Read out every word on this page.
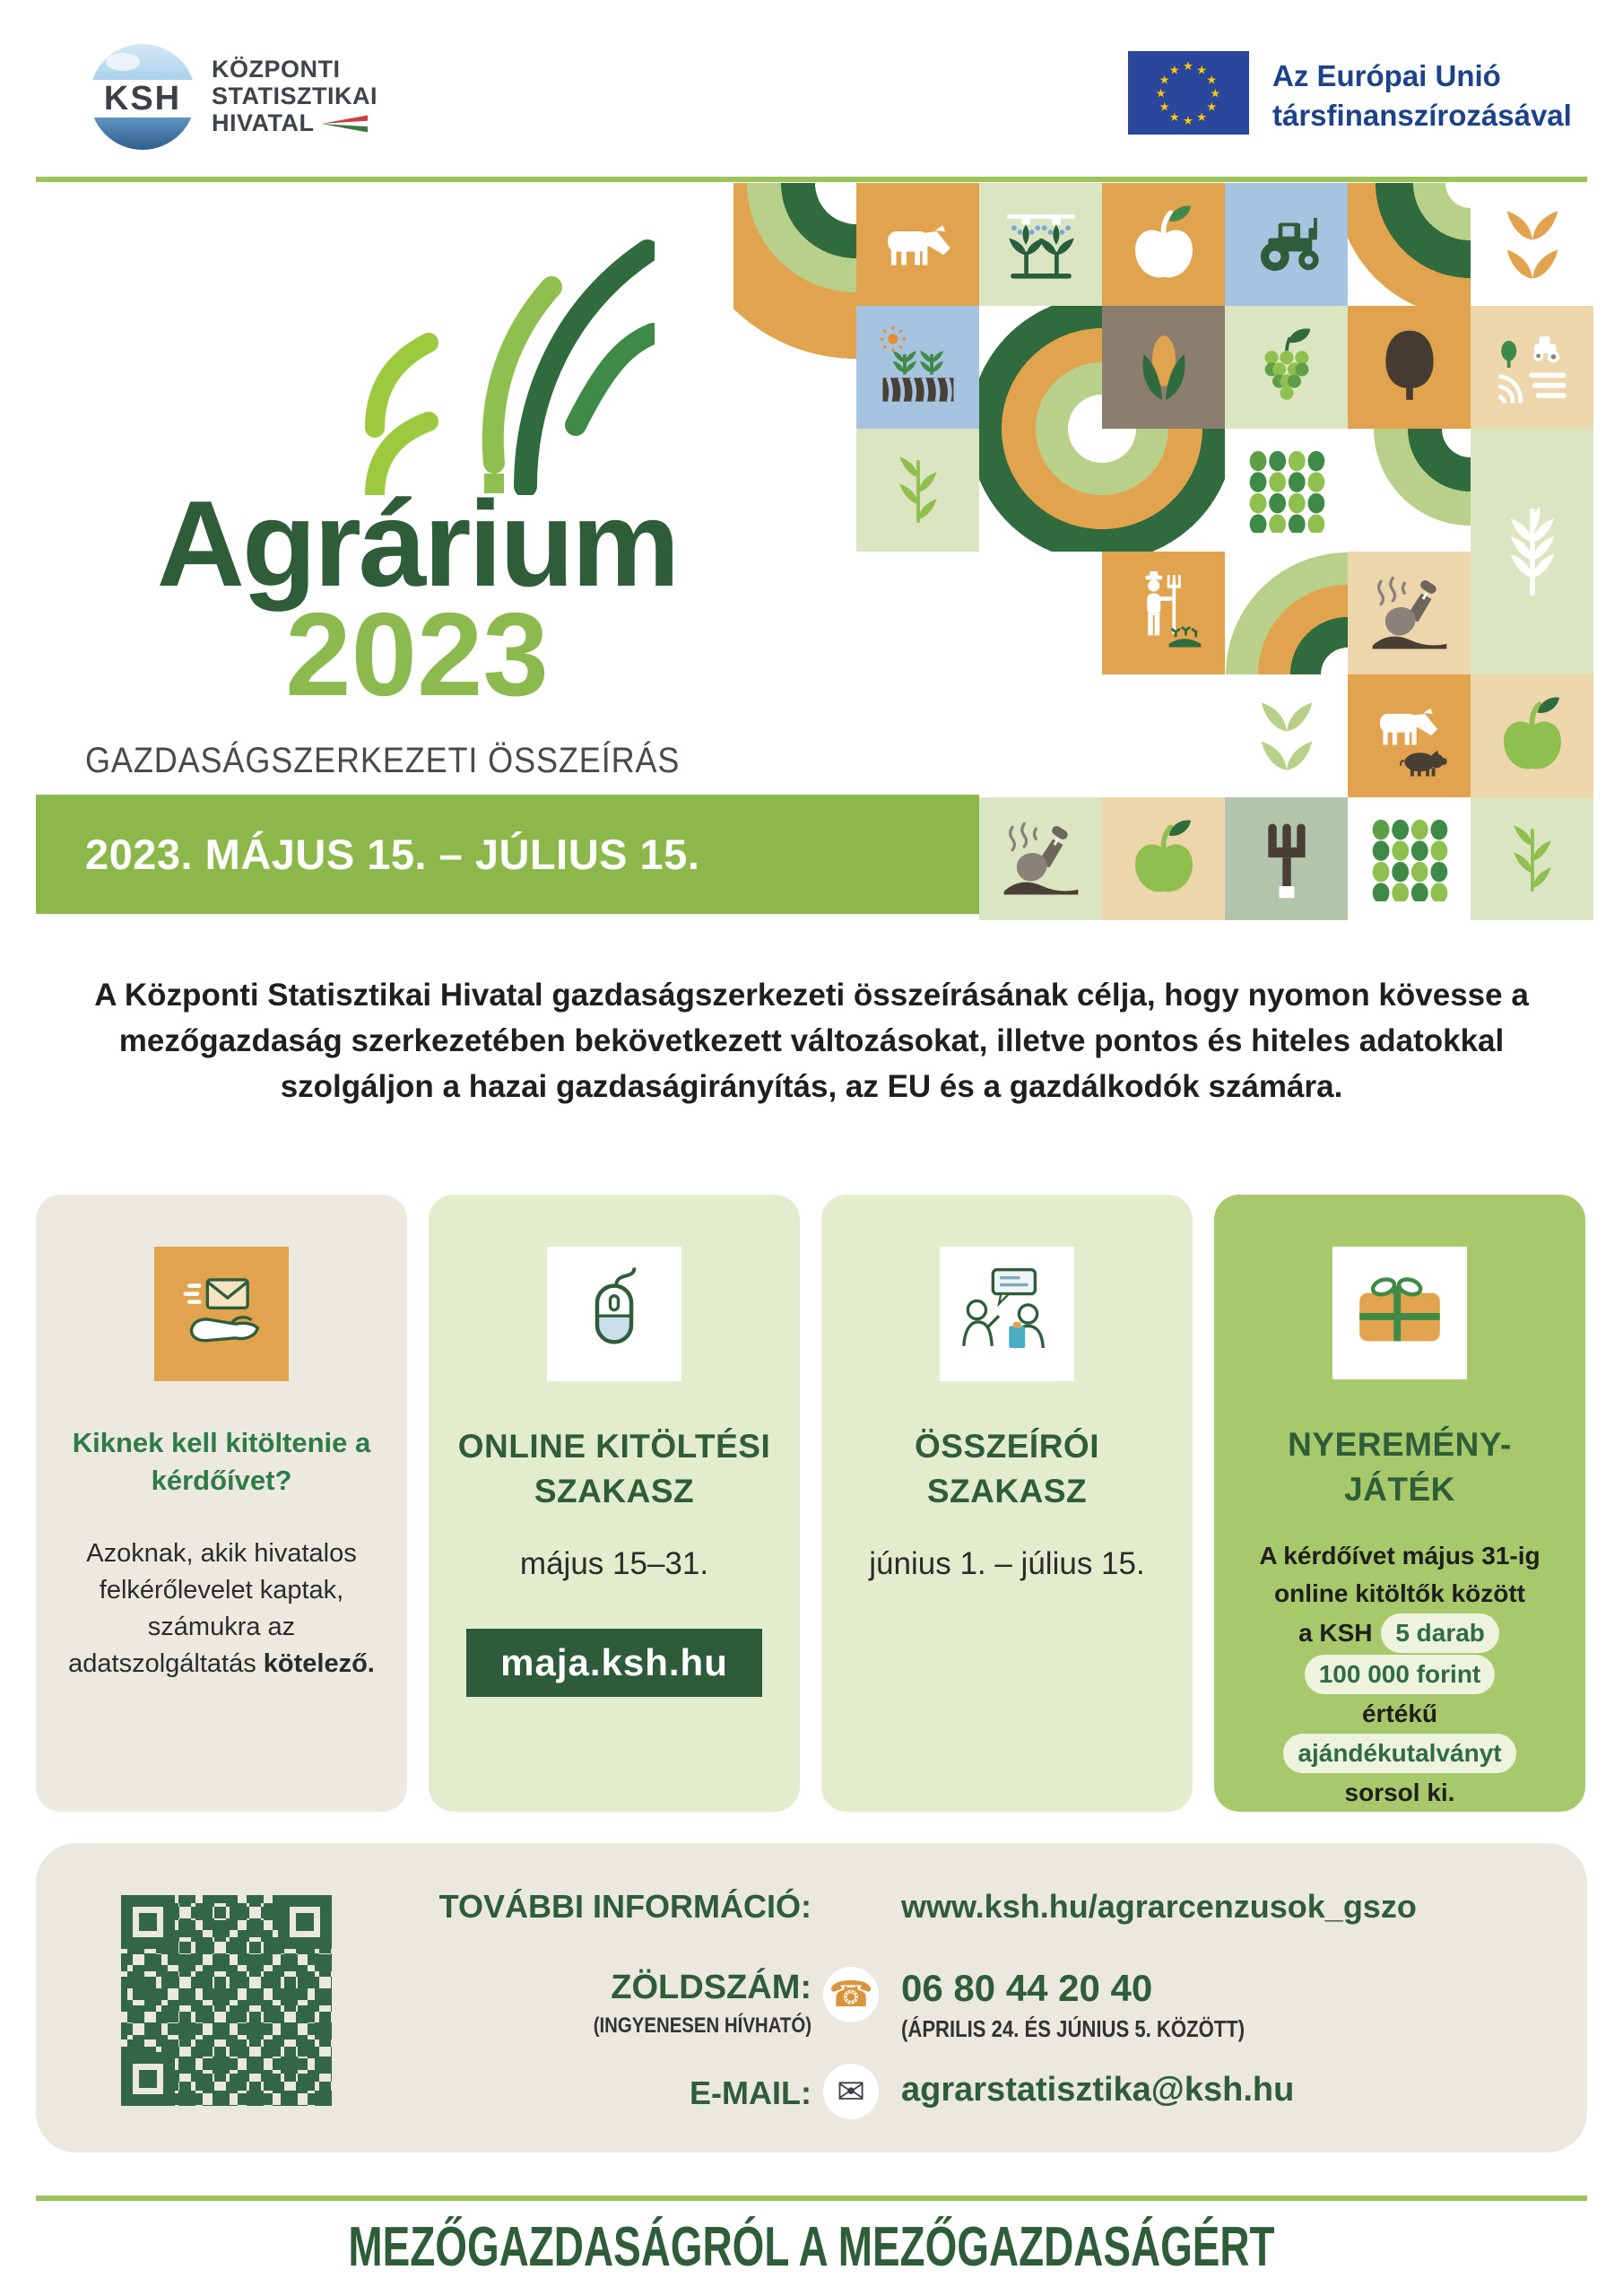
KSH
KÖZPONTI
STATISZTIKAI
HIVATAL
★ ★
★
★
★
★
★
★
★
★
★
★	Az Európai Unió
társfinanszírozásával
Agrárium
2023
GAZDASÁGSZERKEZETI ÖSSZEÍRÁS
2023. MÁJUS 15. – JÚLIUS 15.

A Központi Statisztikai Hivatal gazdaságszerkezeti összeírásának célja, hogy nyomon kövesse a mezőgazdaság szerkezetében bekövetkezett változásokat, illetve pontos és hiteles adatokkal szolgáljon a hazai gazdaságirányítás, az EU és a gazdálkodók számára.

Kiknek kell kitöltenie a kérdőívet?
Azoknak, akik hivatalos felkérőlevelet kaptak, számukra az adatszolgáltatás kötelező.
ONLINE KITÖLTÉSI SZAKASZ
május 15–31.
maja.ksh.hu
ÖSSZEÍRÓI SZAKASZ
június 1. – július 15.
NYEREMÉNY-JÁTÉK
A kérdőívet május 31-ig
online kitöltők között
a KSH 5 darab
100 000 forint
értékű
ajándékutalványt
sorsol ki.
TOVÁBBI INFORMÁCIÓ:	www.ksh.hu/agrarcenzusok_gszo
ZÖLDSZÁM:
(INGYENESEN HÍVHATÓ)
☎ 06 80 44 20 40
(ÁPRILIS 24. ÉS JÚNIUS 5. KÖZÖTT)
E-MAIL: ✉ agrarstatisztika@ksh.hu
MEZŐGAZDASÁGRÓL A MEZŐGAZDASÁGÉRT
